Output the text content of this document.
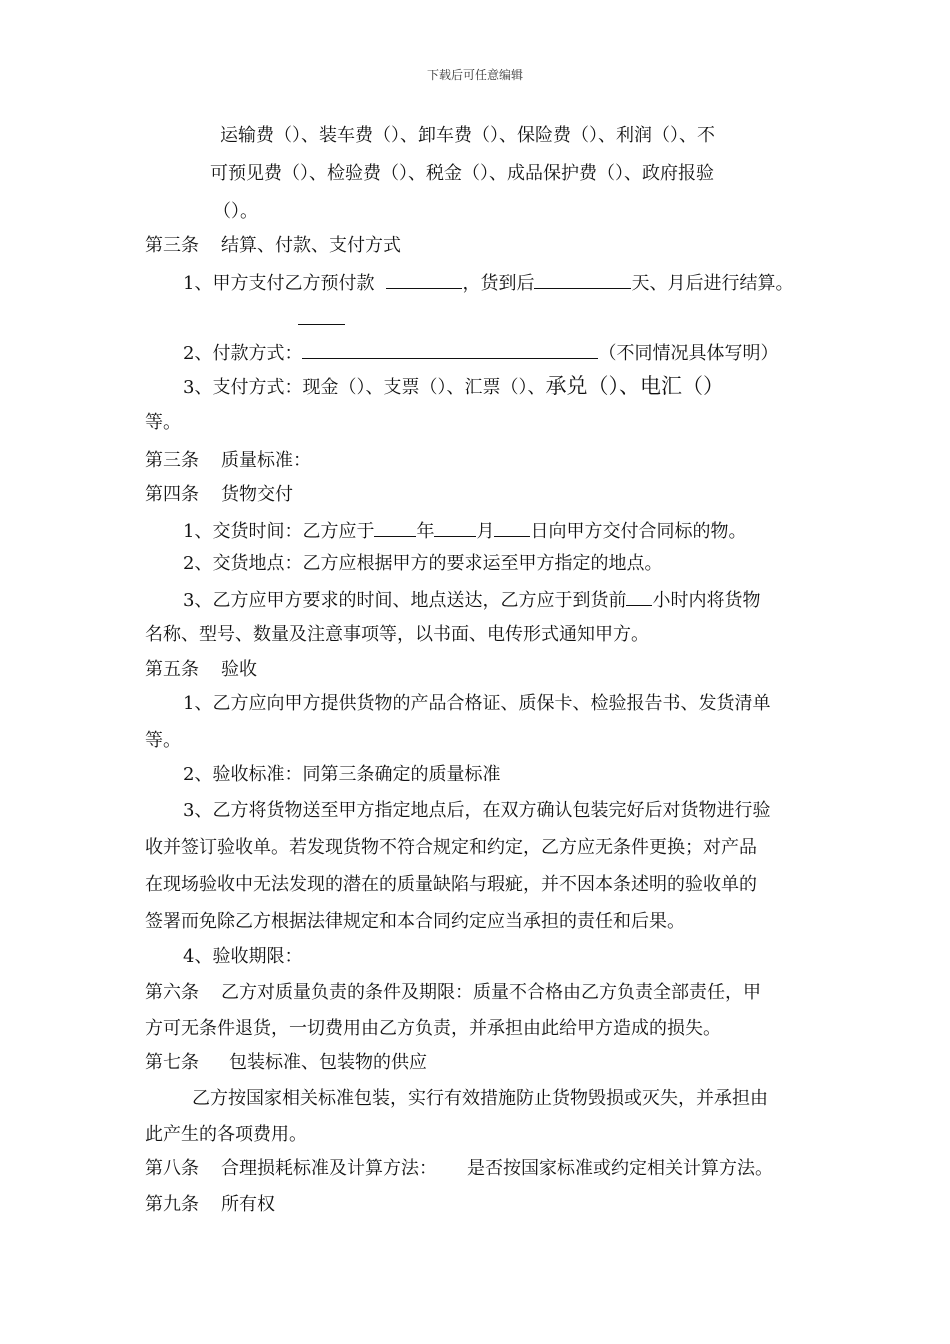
下载后可任意编辑
运输费（）、装车费（）、卸车费（）、保险费（）、利润（）、不
可预见费（）、检验费（）、税金（）、成品保护费（）、政府报验
（）。
第三条 结算、付款、支付方式
1、甲方支付乙方预付款	，货到后	天、月后进行结算。
2、付款方式：	（不同情况具体写明）
3、支付方式：现金（）、支票（）、汇票（）、承兑（）、电汇（）
等。
第三条 质量标准：
第四条 货物交付
1、交货时间：乙方应于 年 月 日向甲方交付合同标的物。
2、交货地点：乙方应根据甲方的要求运至甲方指定的地点。
3、乙方应甲方要求的时间、地点送达，乙方应于到货前 小时内将货物
名称、型号、数量及注意事项等，以书面、电传形式通知甲方。
第五条 验收
1、乙方应向甲方提供货物的产品合格证、质保卡、检验报告书、发货清单
等。
2、验收标准：同第三条确定的质量标准
3、乙方将货物送至甲方指定地点后，在双方确认包装完好后对货物进行验
收并签订验收单。若发现货物不符合规定和约定，乙方应无条件更换；对产品
在现场验收中无法发现的潜在的质量缺陷与瑕疵，并不因本条述明的验收单的
签署而免除乙方根据法律规定和本合同约定应当承担的责任和后果。
4、验收期限：
第六条 乙方对质量负责的条件及期限：质量不合格由乙方负责全部责任，甲
方可无条件退货，一切费用由乙方负责，并承担由此给甲方造成的损失。
第七条 包装标准、包装物的供应
乙方按国家相关标准包装，实行有效措施防止货物毁损或灭失，并承担由
此产生的各项费用。
第八条 合理损耗标准及计算方法： 是否按国家标准或约定相关计算方法。
第九条 所有权
